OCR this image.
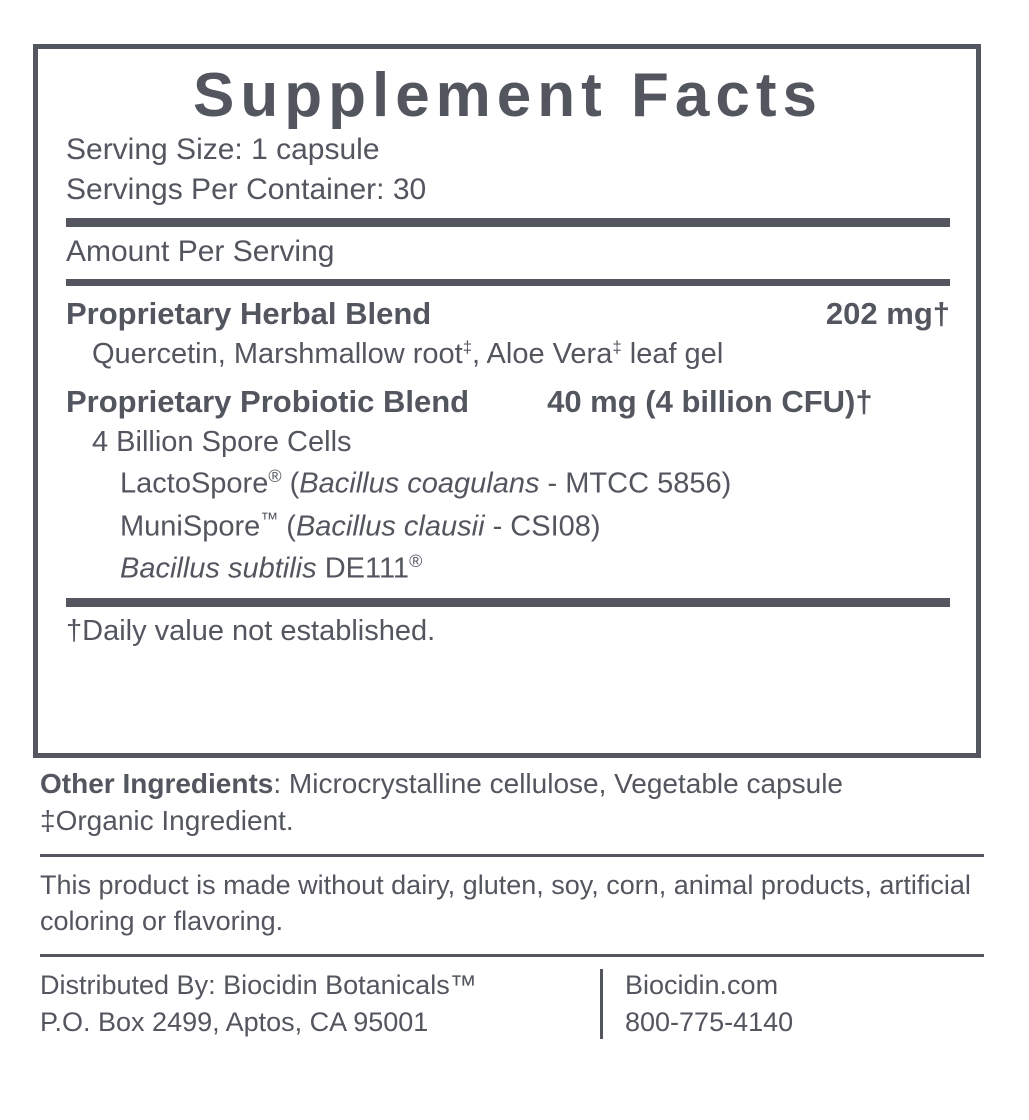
Supplement Facts
Serving Size: 1 capsule
Servings Per Container: 30
Amount Per Serving
Proprietary Herbal Blend	202 mg†
Quercetin, Marshmallow root‡, Aloe Vera‡ leaf gel
Proprietary Probiotic Blend	40 mg (4 billion CFU)†
4 Billion Spore Cells
LactoSpore® (Bacillus coagulans - MTCC 5856)
MuniSpore™ (Bacillus clausii - CSI08)
Bacillus subtilis DE111®
†Daily value not established.
Other Ingredients: Microcrystalline cellulose, Vegetable capsule
‡Organic Ingredient.
This product is made without dairy, gluten, soy, corn, animal products, artificial coloring or flavoring.
Distributed By: Biocidin Botanicals™
P.O. Box 2499, Aptos, CA 95001
Biocidin.com
800-775-4140
